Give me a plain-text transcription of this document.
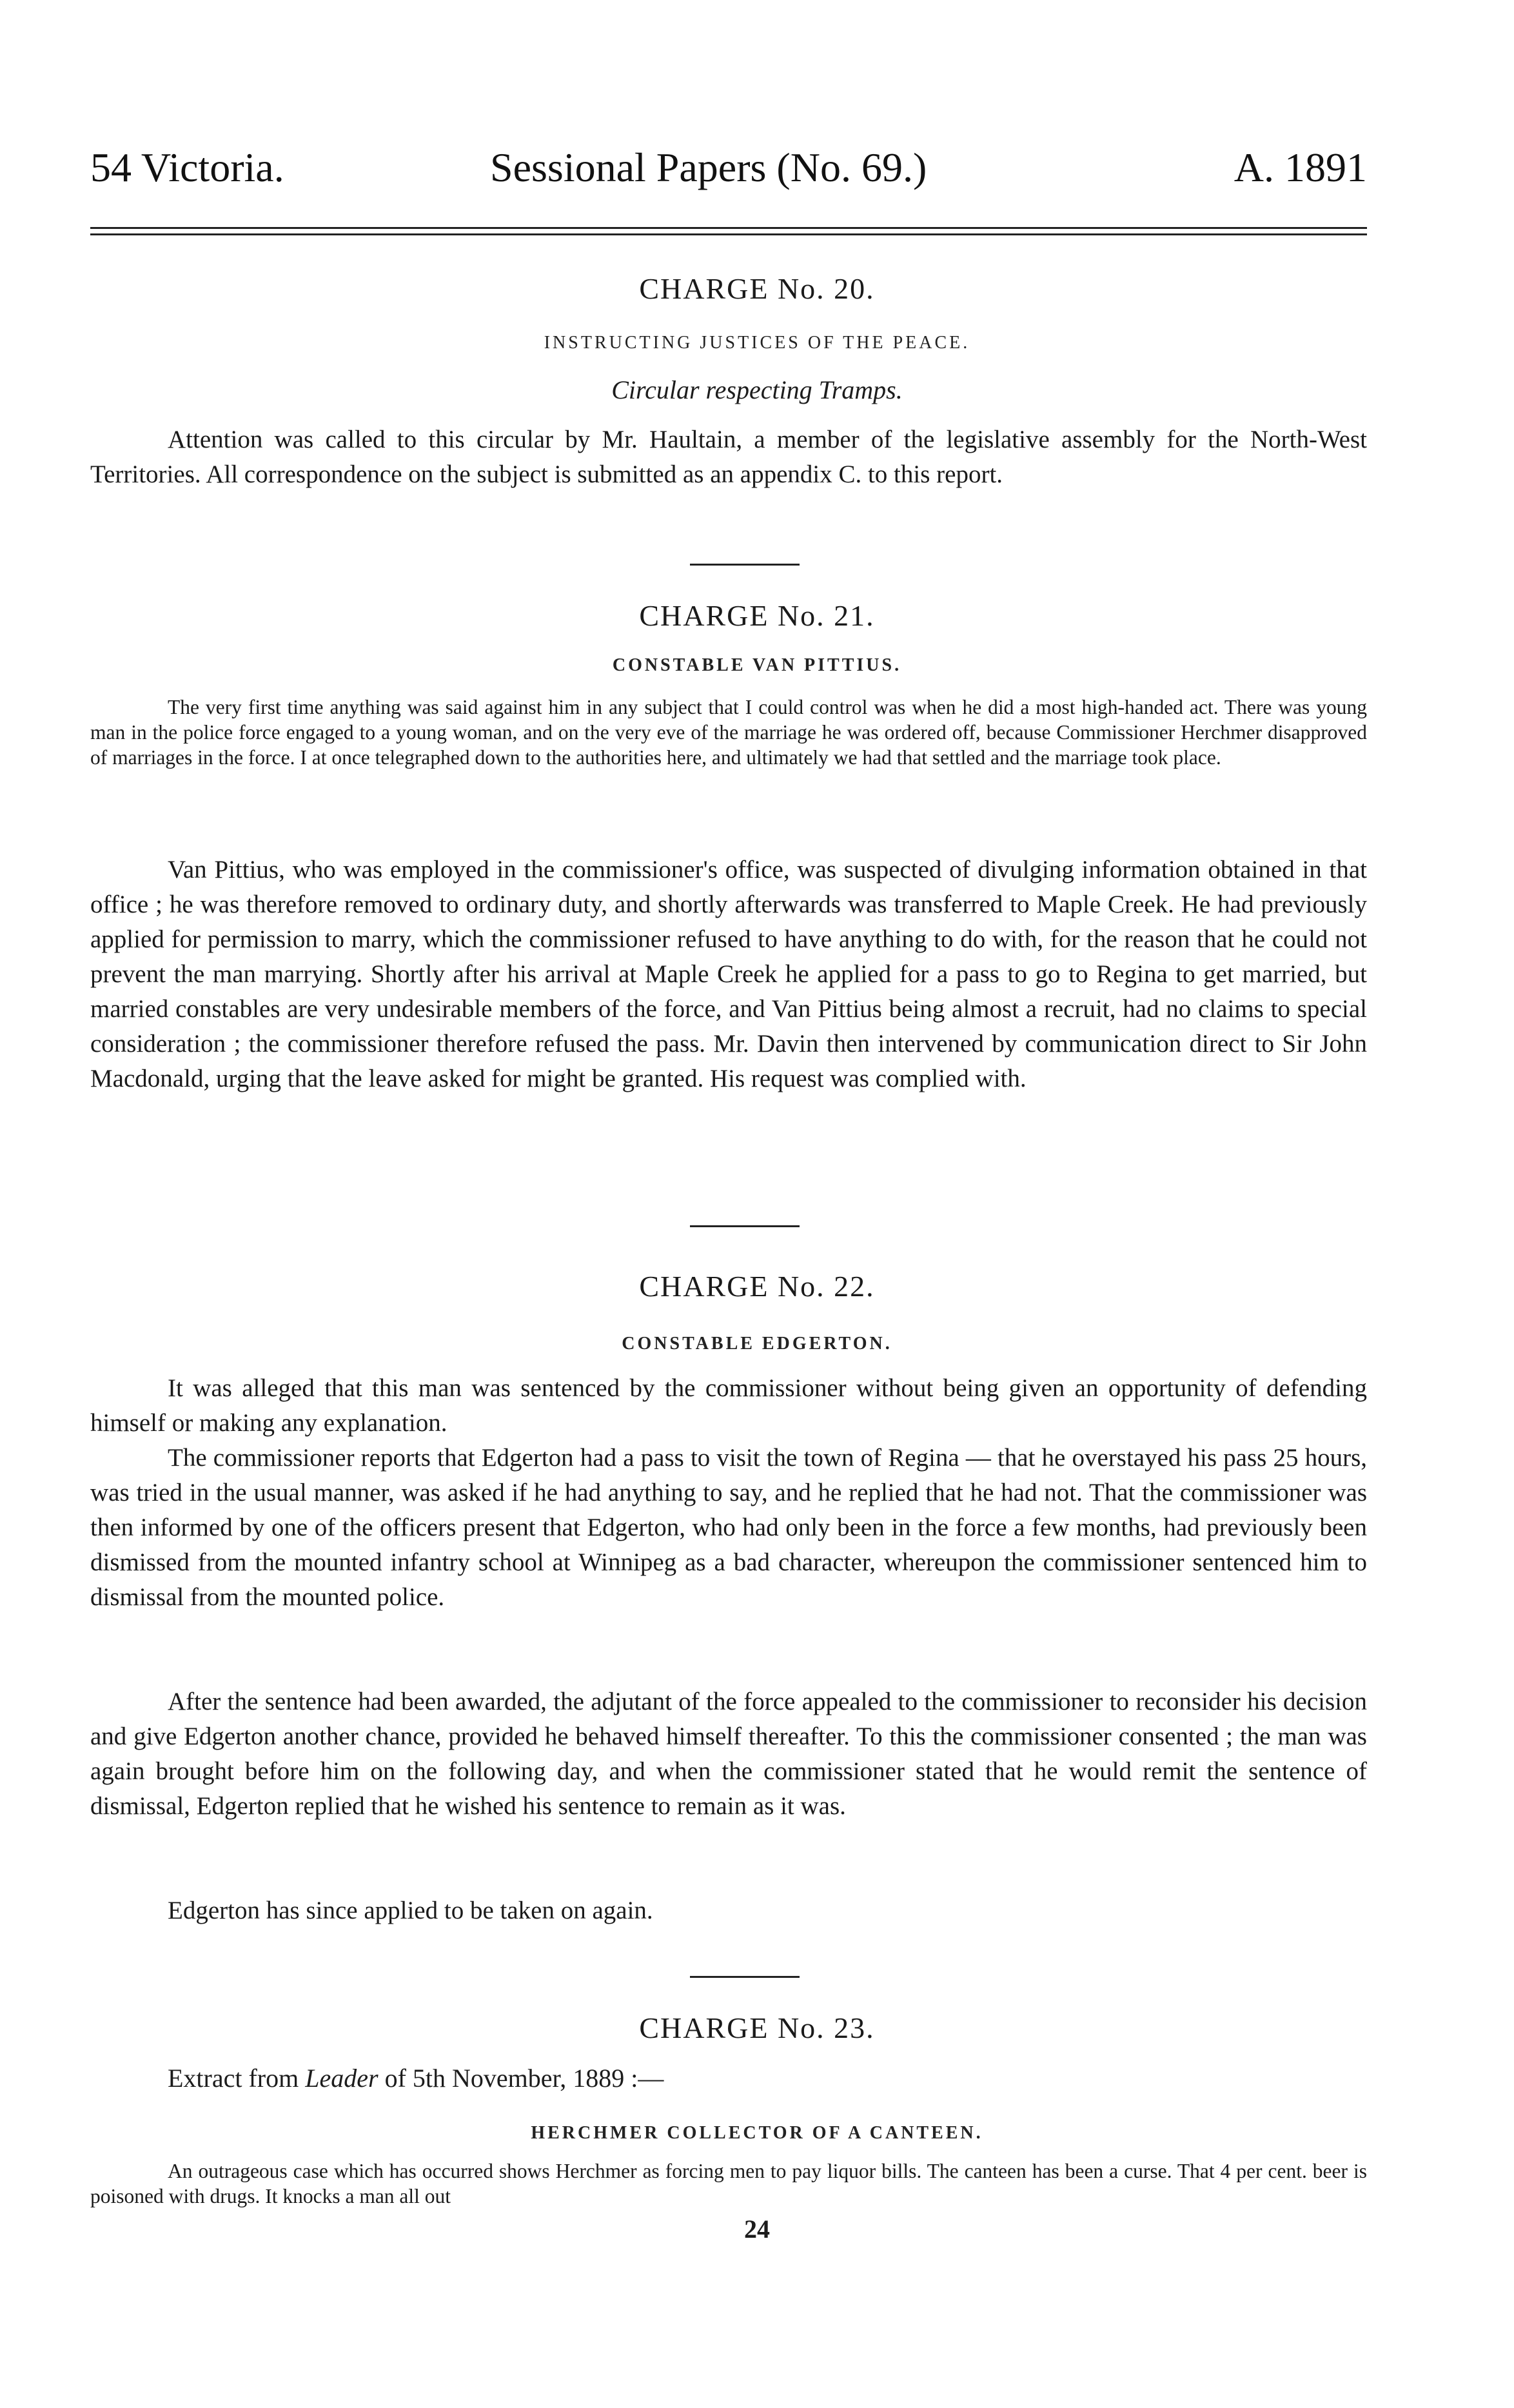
54 Victoria.	Sessional Papers (No. 69.)	A. 1891
CHARGE No. 20.
INSTRUCTING JUSTICES OF THE PEACE.
Circular respecting Tramps.
Attention was called to this circular by Mr. Haultain, a member of the legislative assembly for the North-West Territories. All correspondence on the subject is submitted as an appendix C. to this report.
CHARGE No. 21.
CONSTABLE VAN PITTIUS.
The very first time anything was said against him in any subject that I could control was when he did a most high-handed act. There was young man in the police force engaged to a young woman, and on the very eve of the marriage he was ordered off, because Commissioner Herchmer disapproved of marriages in the force. I at once telegraphed down to the authorities here, and ultimately we had that settled and the marriage took place.
Van Pittius, who was employed in the commissioner's office, was suspected of divulging information obtained in that office ; he was therefore removed to ordinary duty, and shortly afterwards was transferred to Maple Creek. He had previously applied for permission to marry, which the commissioner refused to have anything to do with, for the reason that he could not prevent the man marrying. Shortly after his arrival at Maple Creek he applied for a pass to go to Regina to get married, but married constables are very undesirable members of the force, and Van Pittius being almost a recruit, had no claims to special consideration ; the commissioner therefore refused the pass. Mr. Davin then intervened by communication direct to Sir John Macdonald, urging that the leave asked for might be granted. His request was complied with.
CHARGE No. 22.
CONSTABLE EDGERTON.
It was alleged that this man was sentenced by the commissioner without being given an opportunity of defending himself or making any explanation.
The commissioner reports that Edgerton had a pass to visit the town of Regina — that he overstayed his pass 25 hours, was tried in the usual manner, was asked if he had anything to say, and he replied that he had not. That the commissioner was then informed by one of the officers present that Edgerton, who had only been in the force a few months, had previously been dismissed from the mounted infantry school at Winnipeg as a bad character, whereupon the commissioner sentenced him to dismissal from the mounted police.
After the sentence had been awarded, the adjutant of the force appealed to the commissioner to reconsider his decision and give Edgerton another chance, provided he behaved himself thereafter. To this the commissioner consented ; the man was again brought before him on the following day, and when the commissioner stated that he would remit the sentence of dismissal, Edgerton replied that he wished his sentence to remain as it was.
Edgerton has since applied to be taken on again.
CHARGE No. 23.
Extract from Leader of 5th November, 1889 :—
HERCHMER COLLECTOR OF A CANTEEN.
An outrageous case which has occurred shows Herchmer as forcing men to pay liquor bills. The canteen has been a curse. That 4 per cent. beer is poisoned with drugs. It knocks a man all out
24
